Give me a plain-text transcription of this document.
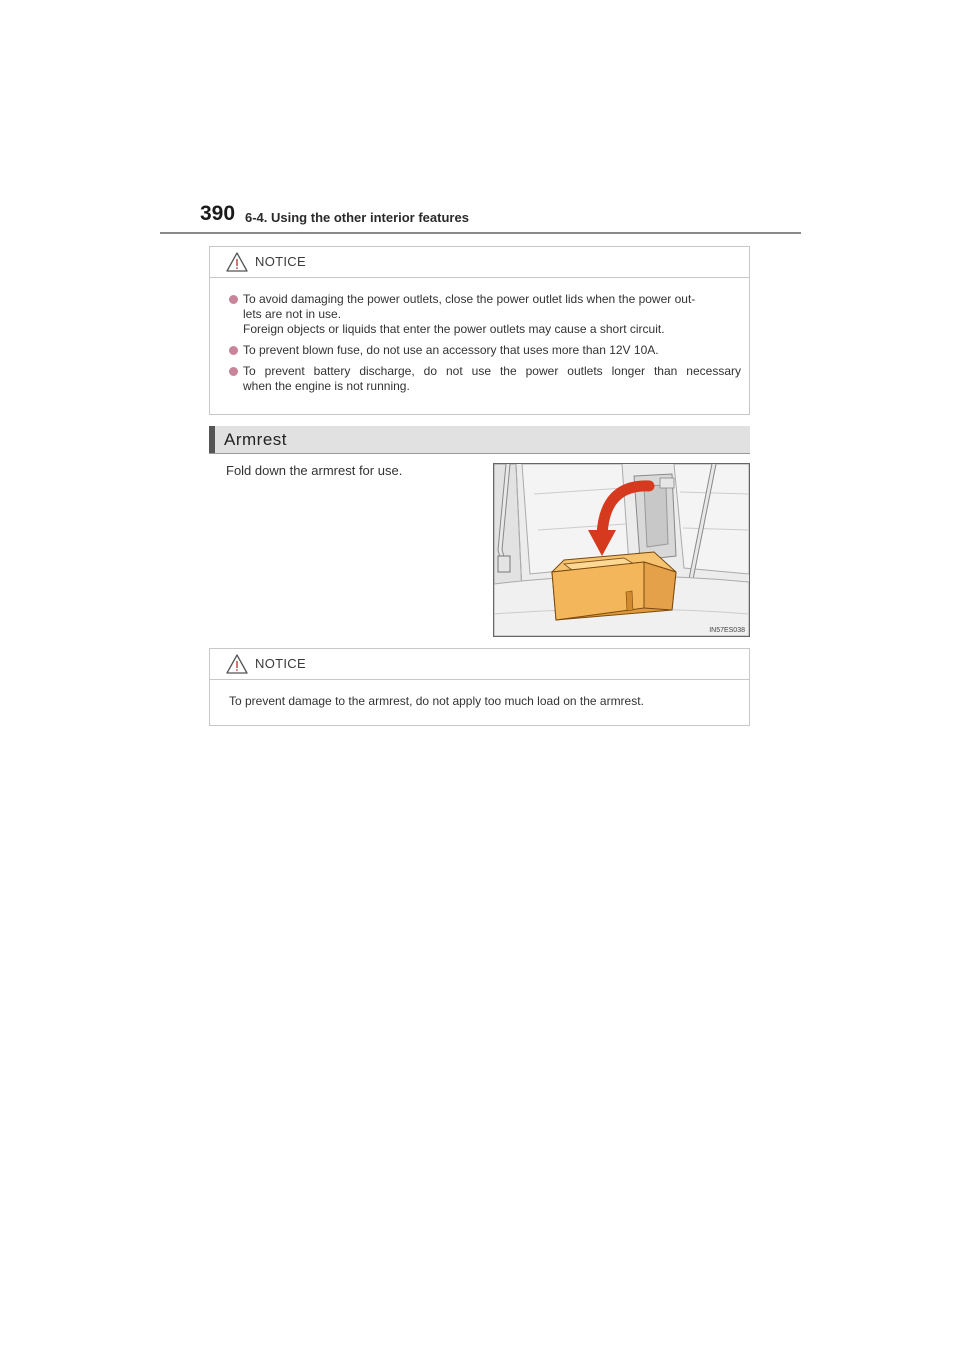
390 6-4. Using the other interior features
NOTICE
To avoid damaging the power outlets, close the power outlet lids when the power out-
lets are not in use.
Foreign objects or liquids that enter the power outlets may cause a short circuit.
To prevent blown fuse, do not use an accessory that uses more than 12V 10A.
To prevent battery discharge, do not use the power outlets longer than necessary
when the engine is not running.
Armrest
Fold down the armrest for use.
IN57ES038
NOTICE
To prevent damage to the armrest, do not apply too much load on the armrest.
